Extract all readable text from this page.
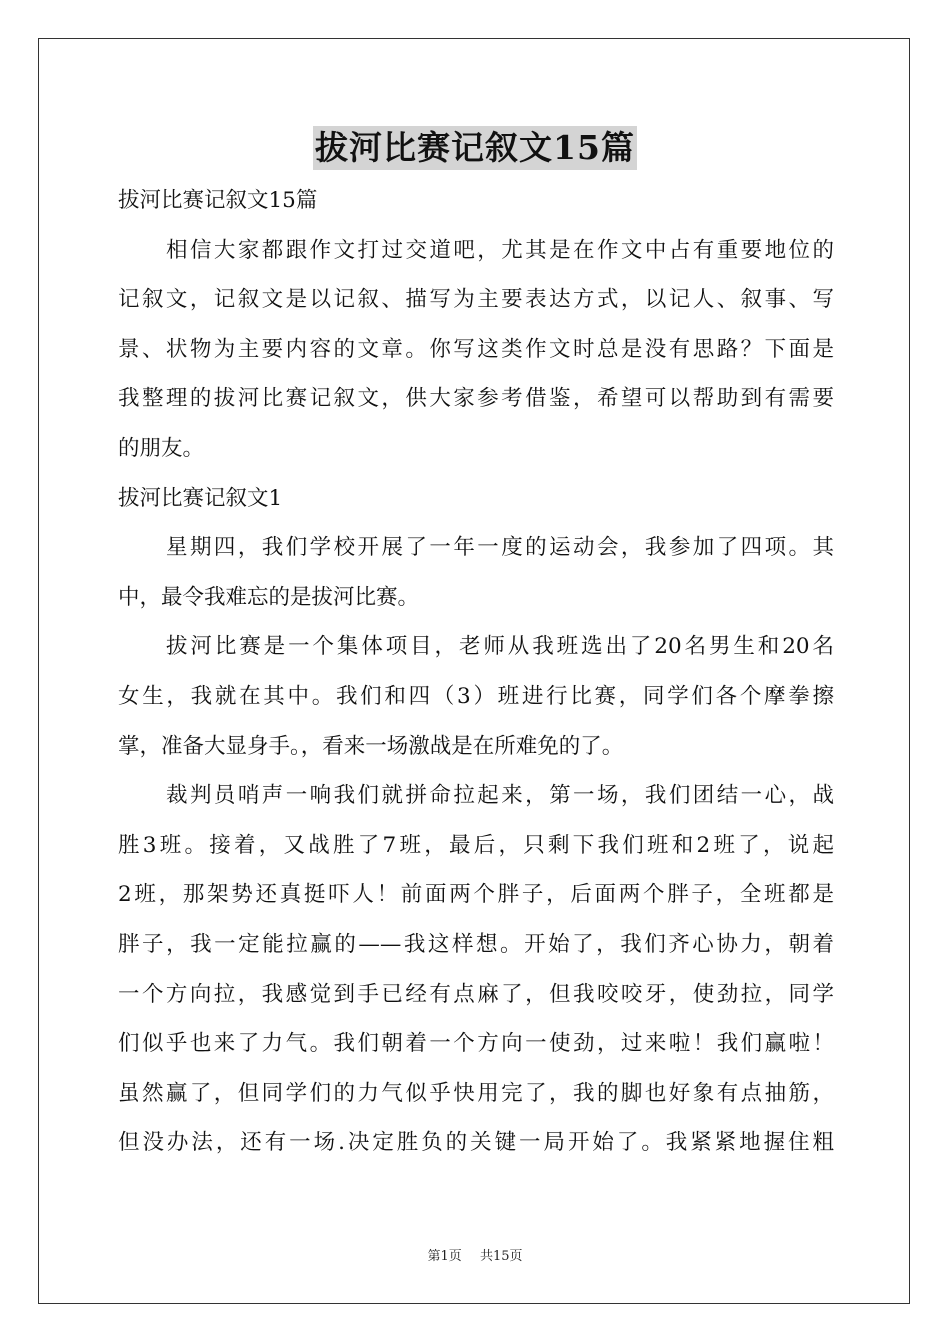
拔河比赛记叙文15篇
拔河比赛记叙文15篇
相信大家都跟作文打过交道吧，尤其是在作文中占有重要地位的
记叙文，记叙文是以记叙、描写为主要表达方式，以记人、叙事、写
景、状物为主要内容的文章。你写这类作文时总是没有思路？下面是
我整理的拔河比赛记叙文，供大家参考借鉴，希望可以帮助到有需要
的朋友。
拔河比赛记叙文1
星期四，我们学校开展了一年一度的运动会，我参加了四项。其
中，最令我难忘的是拔河比赛。
拔河比赛是一个集体项目，老师从我班选出了20名男生和20名
女生，我就在其中。我们和四（3）班进行比赛，同学们各个摩拳擦
掌，准备大显身手。，看来一场激战是在所难免的了。
裁判员哨声一响我们就拼命拉起来，第一场，我们团结一心，战
胜3班。接着，又战胜了7班，最后，只剩下我们班和2班了，说起
2班，那架势还真挺吓人！前面两个胖子，后面两个胖子，全班都是
胖子，我一定能拉赢的——我这样想。开始了，我们齐心协力，朝着
一个方向拉，我感觉到手已经有点麻了，但我咬咬牙，使劲拉，同学
们似乎也来了力气。我们朝着一个方向一使劲，过来啦！我们赢啦！
虽然赢了，但同学们的力气似乎快用完了，我的脚也好象有点抽筋，
但没办法，还有一场.决定胜负的关键一局开始了。我紧紧地握住粗
第1页 共15页
